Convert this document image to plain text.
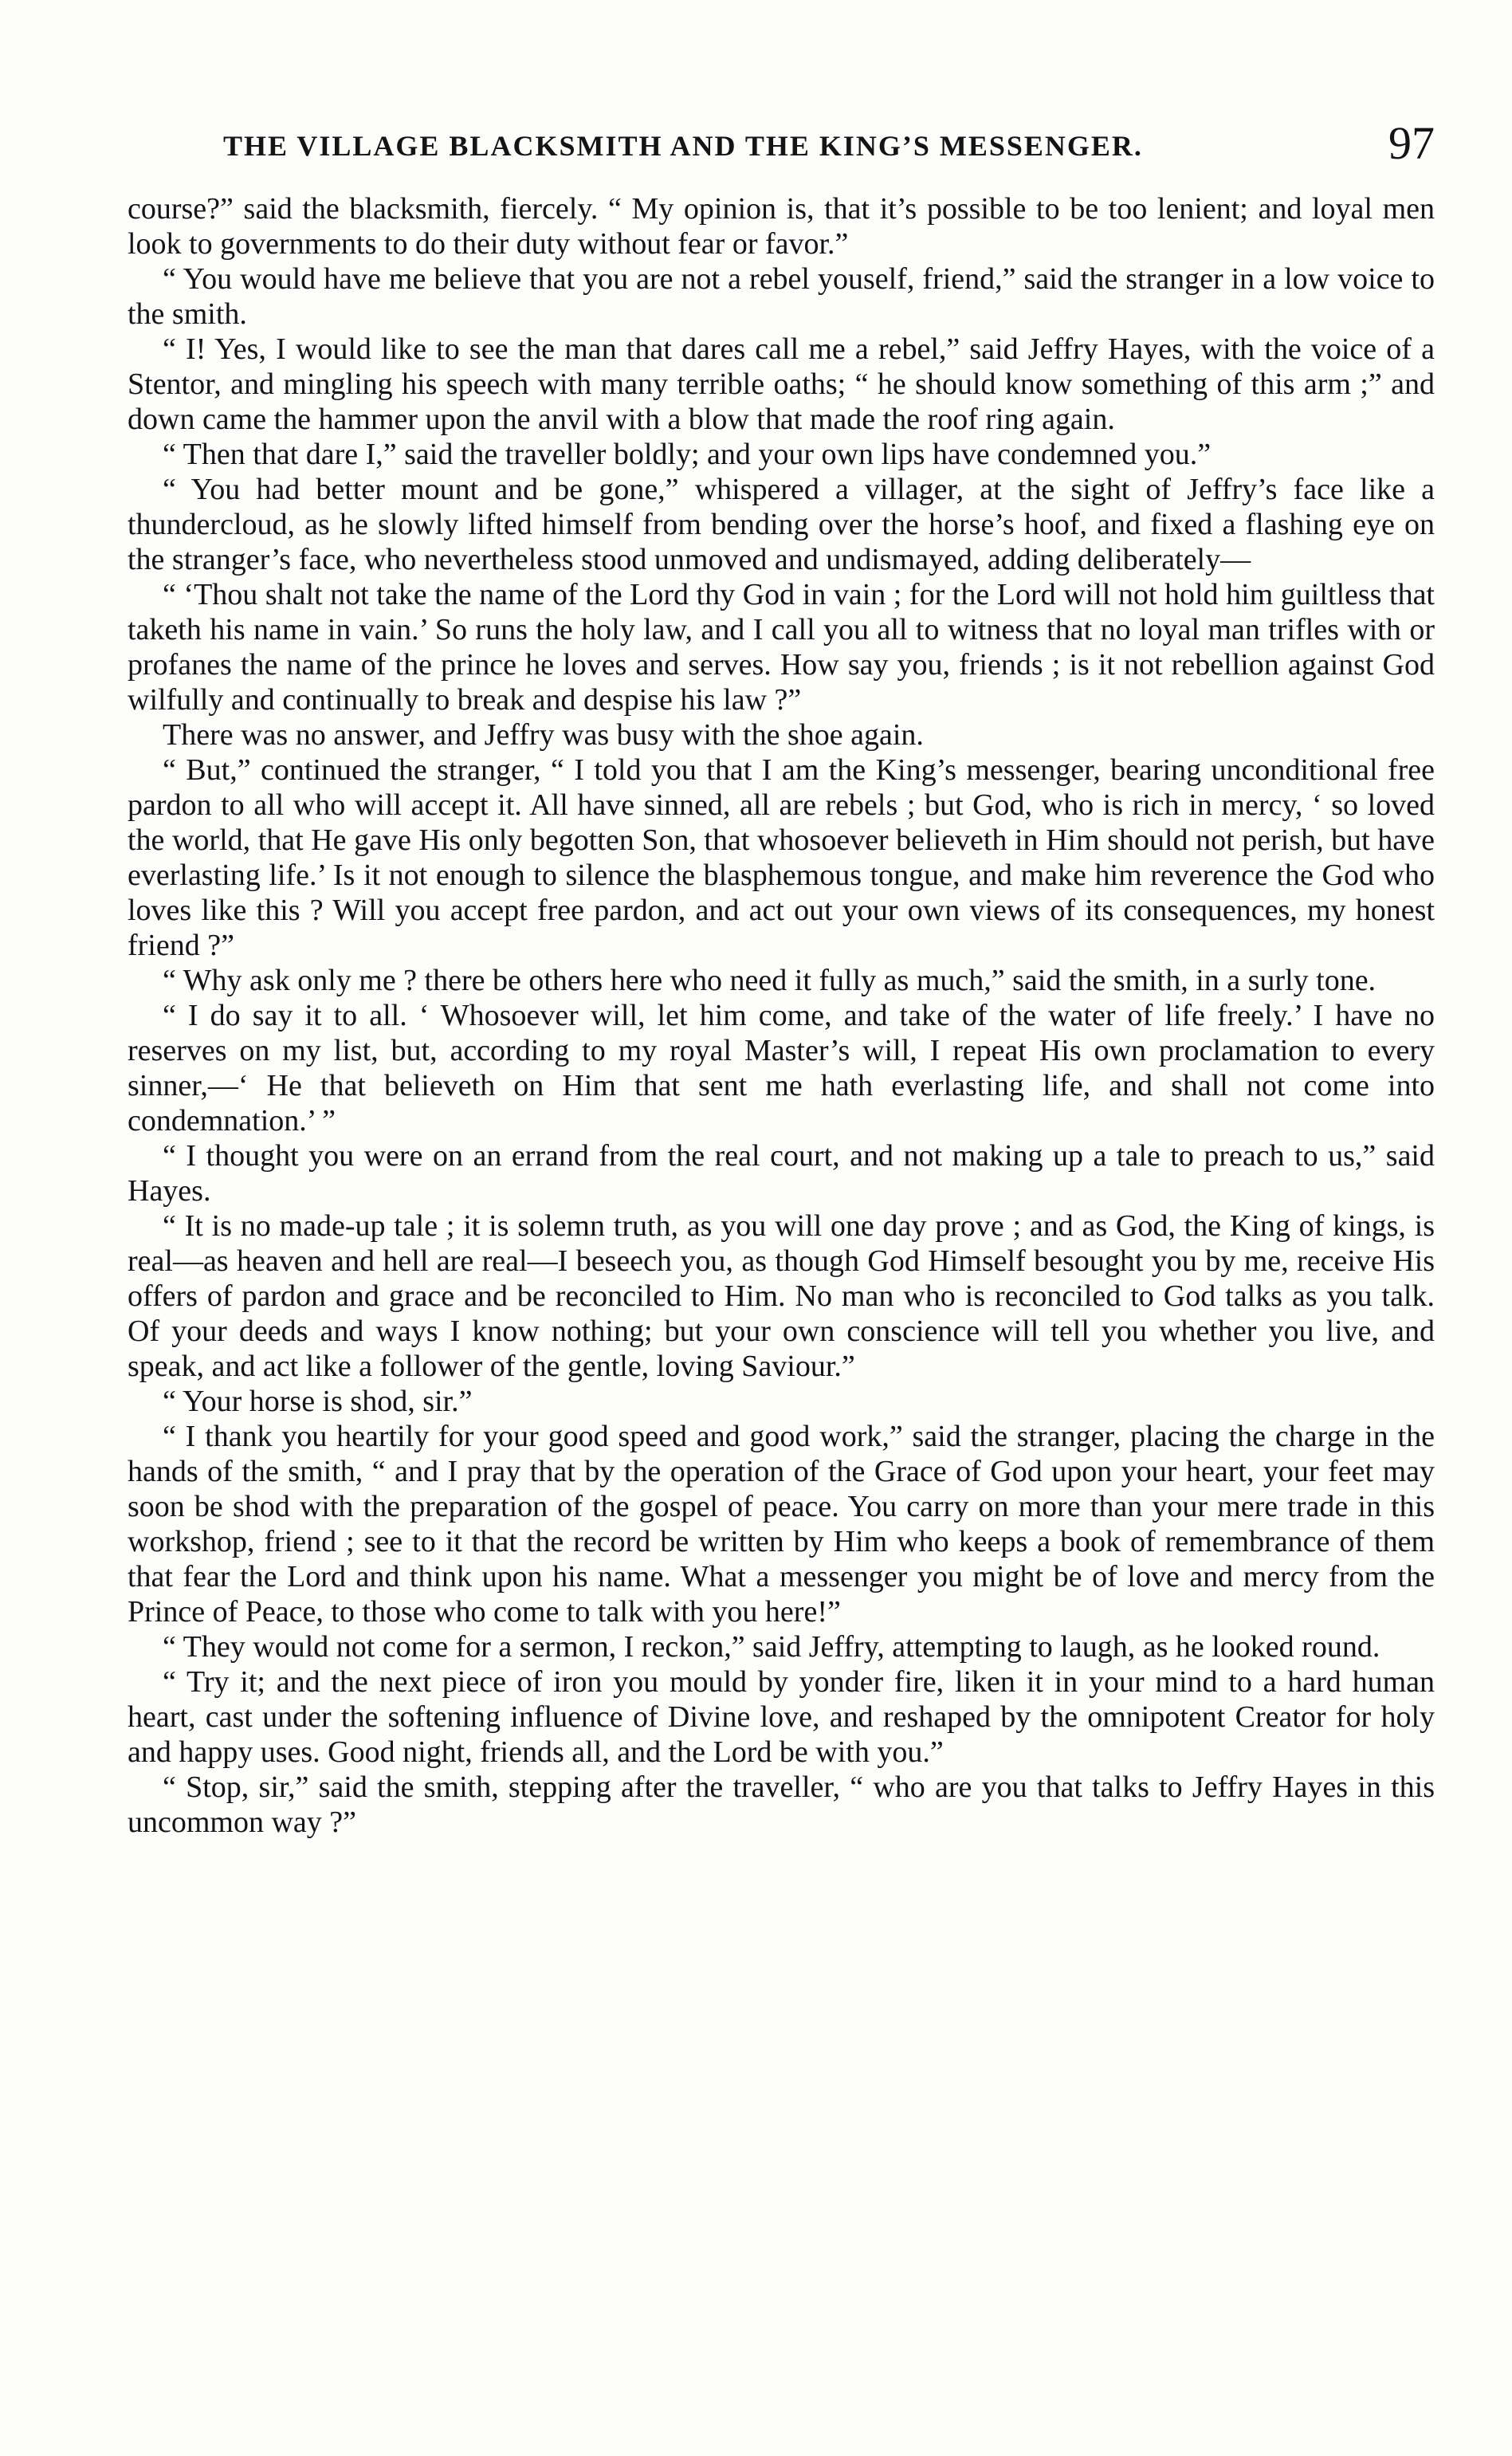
THE VILLAGE BLACKSMITH AND THE KING’S MESSENGER.	97

course?” said the blacksmith, fiercely. “ My opinion is, that it’s possible to be too lenient; and loyal men look to governments to do their duty without fear or favor.”

“ You would have me believe that you are not a rebel youself, friend,” said the stranger in a low voice to the smith.

“ I! Yes, I would like to see the man that dares call me a rebel,” said Jeffry Hayes, with the voice of a Stentor, and mingling his speech with many terrible oaths; “ he should know something of this arm ;” and down came the hammer upon the anvil with a blow that made the roof ring again.

“ Then that dare I,” said the traveller boldly; and your own lips have condemned you.”

“ You had better mount and be gone,” whispered a villager, at the sight of Jeffry’s face like a thundercloud, as he slowly lifted himself from bending over the horse’s hoof, and fixed a flashing eye on the stranger’s face, who nevertheless stood unmoved and undismayed, adding deliberately—

“ ‘Thou shalt not take the name of the Lord thy God in vain ; for the Lord will not hold him guiltless that taketh his name in vain.’ So runs the holy law, and I call you all to witness that no loyal man trifles with or profanes the name of the prince he loves and serves. How say you, friends ; is it not rebellion against God wilfully and continually to break and despise his law ?”

There was no answer, and Jeffry was busy with the shoe again.

“ But,” continued the stranger, “ I told you that I am the King’s messenger, bearing unconditional free pardon to all who will accept it. All have sinned, all are rebels ; but God, who is rich in mercy, ‘ so loved the world, that He gave His only begotten Son, that whosoever believeth in Him should not perish, but have everlasting life.’ Is it not enough to silence the blasphemous tongue, and make him reverence the God who loves like this ? Will you accept free pardon, and act out your own views of its consequences, my honest friend ?”

“ Why ask only me ? there be others here who need it fully as much,” said the smith, in a surly tone.

“ I do say it to all. ‘ Whosoever will, let him come, and take of the water of life freely.’ I have no reserves on my list, but, according to my royal Master’s will, I repeat His own proclamation to every sinner,—‘ He that believeth on Him that sent me hath everlasting life, and shall not come into condemnation.’ ”

“ I thought you were on an errand from the real court, and not making up a tale to preach to us,” said Hayes.

“ It is no made-up tale ; it is solemn truth, as you will one day prove ; and as God, the King of kings, is real—as heaven and hell are real—I beseech you, as though God Himself besought you by me, receive His offers of pardon and grace and be reconciled to Him. No man who is reconciled to God talks as you talk. Of your deeds and ways I know nothing; but your own conscience will tell you whether you live, and speak, and act like a follower of the gentle, loving Saviour.”

“ Your horse is shod, sir.”

“ I thank you heartily for your good speed and good work,” said the stranger, placing the charge in the hands of the smith, “ and I pray that by the operation of the Grace of God upon your heart, your feet may soon be shod with the preparation of the gospel of peace. You carry on more than your mere trade in this workshop, friend ; see to it that the record be written by Him who keeps a book of remembrance of them that fear the Lord and think upon his name. What a messenger you might be of love and mercy from the Prince of Peace, to those who come to talk with you here!”

“ They would not come for a sermon, I reckon,” said Jeffry, attempting to laugh, as he looked round.

“ Try it; and the next piece of iron you mould by yonder fire, liken it in your mind to a hard human heart, cast under the softening influence of Divine love, and reshaped by the omnipotent Creator for holy and happy uses. Good night, friends all, and the Lord be with you.”

“ Stop, sir,” said the smith, stepping after the traveller, “ who are you that talks to Jeffry Hayes in this uncommon way ?”
